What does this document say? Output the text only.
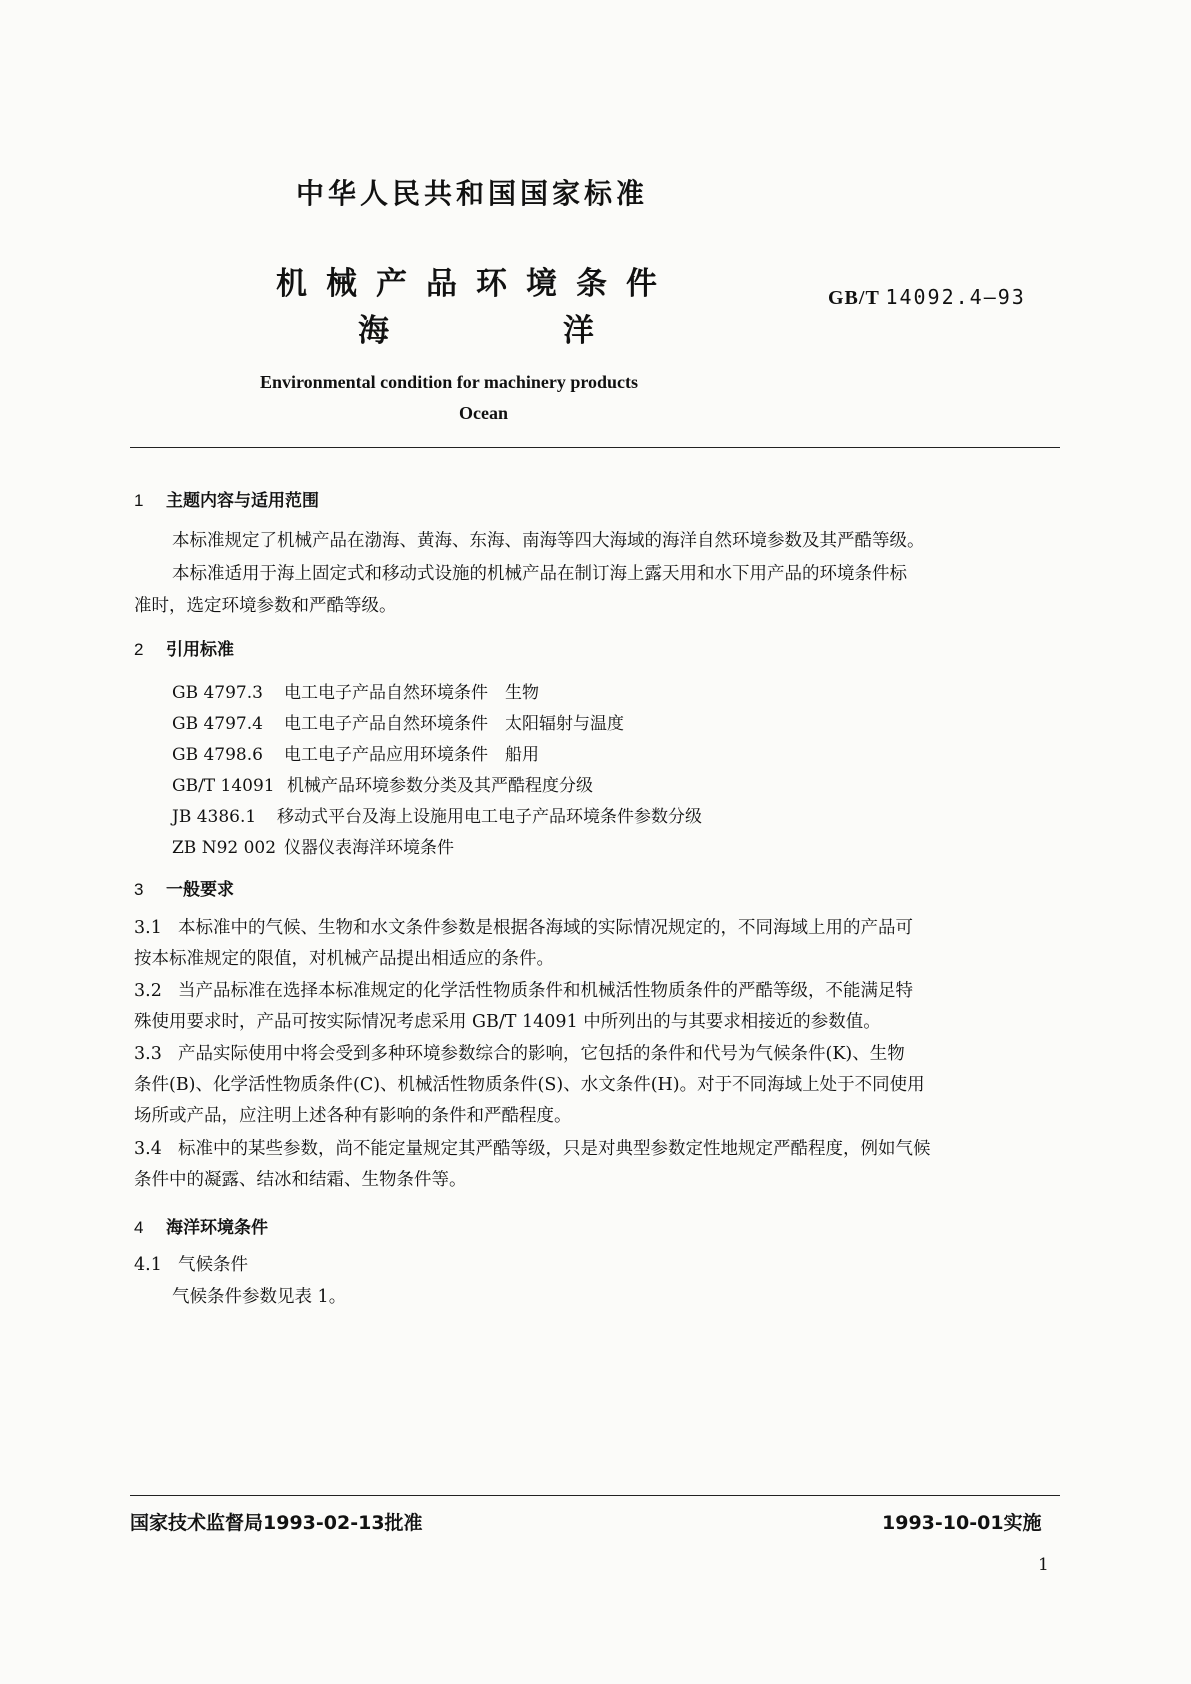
中华人民共和国国家标准
机械产品环境条件
海	洋
GB/T 14092.4—93
Environmental condition for machinery products
Ocean
1 主题内容与适用范围
本标准规定了机械产品在渤海、黄海、东海、南海等四大海域的海洋自然环境参数及其严酷等级。
本标准适用于海上固定式和移动式设施的机械产品在制订海上露天用和水下用产品的环境条件标
准时，选定环境参数和严酷等级。
2 引用标准
GB 4797.3 电工电子产品自然环境条件　生物
GB 4797.4 电工电子产品自然环境条件　太阳辐射与温度
GB 4798.6 电工电子产品应用环境条件　船用
GB/T 14091 机械产品环境参数分类及其严酷程度分级
JB 4386.1 移动式平台及海上设施用电工电子产品环境条件参数分级
ZB N92 002 仪器仪表海洋环境条件
3 一般要求
3.1 本标准中的气候、生物和水文条件参数是根据各海域的实际情况规定的，不同海域上用的产品可
按本标准规定的限值，对机械产品提出相适应的条件。
3.2 当产品标准在选择本标准规定的化学活性物质条件和机械活性物质条件的严酷等级，不能满足特
殊使用要求时，产品可按实际情况考虑采用 GB/T 14091 中所列出的与其要求相接近的参数值。
3.3 产品实际使用中将会受到多种环境参数综合的影响，它包括的条件和代号为气候条件(K)、生物
条件(B)、化学活性物质条件(C)、机械活性物质条件(S)、水文条件(H)。对于不同海域上处于不同使用
场所或产品，应注明上述各种有影响的条件和严酷程度。
3.4 标准中的某些参数，尚不能定量规定其严酷等级，只是对典型参数定性地规定严酷程度，例如气候
条件中的凝露、结冰和结霜、生物条件等。
4 海洋环境条件
4.1 气候条件
气候条件参数见表 1。
国家技术监督局1993-02-13批准	1993-10-01实施
1
